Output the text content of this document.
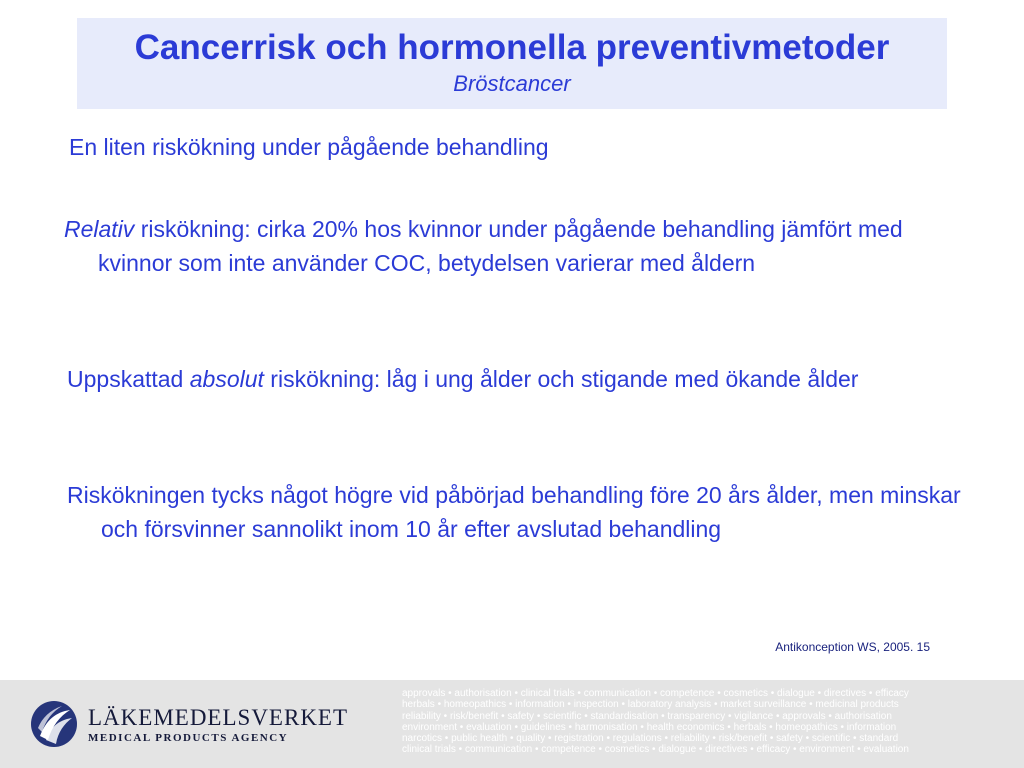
Cancerrisk och hormonella preventivmetoder
Bröstcancer
En liten riskökning under pågående behandling
Relativ riskökning: cirka 20% hos kvinnor under pågående behandling jämfört med kvinnor som inte använder COC, betydelsen varierar med åldern
Uppskattad absolut riskökning: låg i ung ålder och stigande med ökande ålder
Riskökningen tycks något högre vid påbörjad behandling före 20 års ålder, men minskar och försvinner sannolikt inom 10 år efter avslutad behandling
Antikonception WS, 2005. 15
LÄKEMEDELSVERKET
MEDICAL PRODUCTS AGENCY
approvals • authorisation • clinical trials • communication • competence • cosmetics • dialogue • directives • efficacy
herbals • homeopathics • information • inspection • laboratory analysis • market surveillance • medicinal products
reliability • risk/benefit • safety • scientific • standardisation • transparency • vigilance • approvals • authorisation
environment • evaluation • guidelines • harmonisation • health economics • herbals • homeopathics • information
narcotics • public health • quality • registration • regulations • reliability • risk/benefit • safety • scientific • standard
clinical trials • communication • competence • cosmetics • dialogue • directives • efficacy • environment • evaluation
